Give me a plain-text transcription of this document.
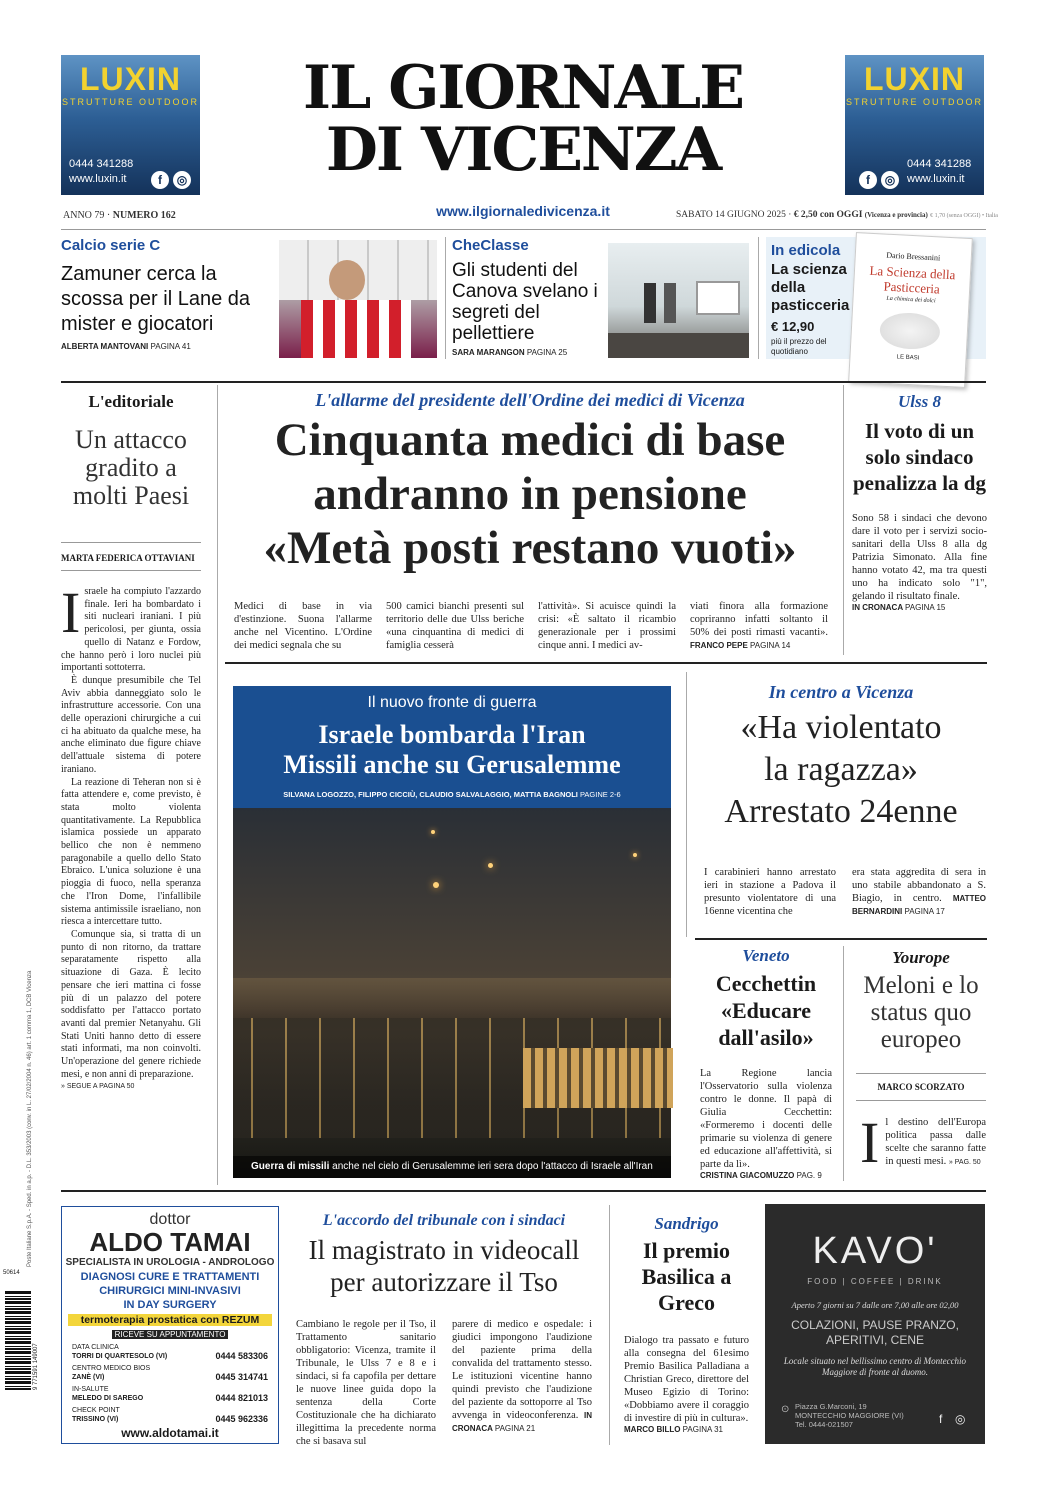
LUXIN
STRUTTURE OUTDOOR
0444 341288
www.luxin.it	f	◎
IL GIORNALE
DI VICENZA
LUXIN
STRUTTURE OUTDOOR
0444 341288
www.luxin.it
f	◎
ANNO 79 · NUMERO 162	www.ilgiornaledivicenza.it	SABATO 14 GIUGNO 2025 · € 2,50 con OGGI (Vicenza e provincia) € 1,70 (senza OGGI) • Italia
Calcio serie C
Zamuner cerca la scossa per il Lane da mister e giocatori
ALBERTA MANTOVANI PAGINA 41
CheClasse
Gli studenti del Canova svelano i segreti del pellettiere
SARA MARANGON PAGINA 25
In edicola
La scienza della pasticceria
€ 12,90
più il prezzo del quotidiano
Dario Bressanini
La Scienza della Pasticceria
La chimica dei dolci
LE BASI
L'editoriale
Un attacco gradito a molti Paesi
MARTA FEDERICA OTTAVIANI
I sraele ha compiuto l'azzardo finale. Ieri ha bombardato i siti nucleari iraniani. I più pericolosi, per giunta, ossia quello di Natanz e Fordow, che hanno però i loro nuclei più importanti sottoterra.
È dunque presumibile che Tel Aviv abbia danneggiato solo le infrastrutture accessorie. Con una delle operazioni chirurgiche a cui ci ha abituato da qualche mese, ha anche eliminato due figure chiave dell'attuale sistema di potere iraniano.
La reazione di Teheran non si è fatta attendere e, come previsto, è stata molto violenta quantitativamente. La Repubblica islamica possiede un apparato bellico che non è nemmeno paragonabile a quello dello Stato Ebraico. L'unica soluzione è una pioggia di fuoco, nella speranza che l'Iron Dome, l'infallibile sistema antimissile israeliano, non riesca a intercettare tutto.
Comunque sia, si tratta di un punto di non ritorno, da trattare separatamente rispetto alla situazione di Gaza. È lecito pensare che ieri mattina ci fosse più di un palazzo del potere soddisfatto per l'attacco portato avanti dal premier Netanyahu. Gli Stati Uniti hanno detto di essere stati informati, ma non coinvolti. Un'operazione del genere richiede mesi, e non anni di preparazione.
» SEGUE A PAGINA 50
L'allarme del presidente dell'Ordine dei medici di Vicenza
Cinquanta medici di base
andranno in pensione
«Metà posti restano vuoti»
Medici di base in via d'estinzione. Suona l'allarme anche nel Vicentino. L'Ordine dei medici segnala che su
500 camici bianchi presenti sul territorio delle due Ulss beriche «una cinquantina di medici di famiglia cesserà
l'attività». Si acuisce quindi la crisi: «È saltato il ricambio generazionale per i prossimi cinque anni. I medici av-
viati finora alla formazione copriranno infatti soltanto il 50% dei posti rimasti vacanti». FRANCO PEPE PAGINA 14
Ulss 8
Il voto di un solo sindaco penalizza la dg
Sono 58 i sindaci che devono dare il voto per i servizi socio-sanitari della Ulss 8 alla dg Patrizia Simonato. Alla fine hanno votato 42, ma tra questi uno ha indicato solo "1", gelando il risultato finale.
IN CRONACA PAGINA 15
Il nuovo fronte di guerra
Israele bombarda l'Iran
Missili anche su Gerusalemme
SILVANA LOGOZZO, FILIPPO CICCIÙ, CLAUDIO SALVALAGGIO, MATTIA BAGNOLI PAGINE 2-6
Guerra di missili anche nel cielo di Gerusalemme ieri sera dopo l'attacco di Israele all'Iran
In centro a Vicenza
«Ha violentato
la ragazza»
Arrestato 24enne
I carabinieri hanno arrestato ieri in stazione a Padova il presunto violentatore di una 16enne vicentina che
era stata aggredita di sera in uno stabile abbandonato a S. Biagio, in centro. MATTEO BERNARDINI PAGINA 17
Veneto
Cecchettin «Educare dall'asilo»
La Regione lancia l'Osservatorio sulla violenza contro le donne. Il papà di Giulia Cecchettin: «Formeremo i docenti delle primarie su violenza di genere ed educazione all'affettività, si parte da lì».
CRISTINA GIACOMUZZO PAG. 9
Yourope
Meloni e lo status quo europeo
MARCO SCORZATO
I l destino dell'Europa politica passa dalle scelte che saranno fatte in questi mesi. » PAG. 50
dottor
ALDO TAMAI
SPECIALISTA IN UROLOGIA - ANDROLOGO
DIAGNOSI CURE E TRATTAMENTI
CHIRURGICI MINI-INVASIVI
IN DAY SURGERY
termoterapia prostatica con REZUM
RICEVE SU APPUNTAMENTO
DATA CLINICA
TORRI DI QUARTESOLO (VI)	0444 583306
CENTRO MEDICO BIOS
ZANÈ (VI)	0445 314741
IN-SALUTE
MELEDO DI SAREGO	0444 821013
CHECK POINT
TRISSINO (VI)	0445 962336
www.aldotamai.it
L'accordo del tribunale con i sindaci
Il magistrato in videocall
per autorizzare il Tso
Cambiano le regole per il Tso, il Trattamento sanitario obbligatorio: Vicenza, tramite il Tribunale, le Ulss 7 e 8 e i sindaci, si fa capofila per dettare le nuove linee guida dopo la sentenza della Corte Costituzionale che ha dichiarato illegittima la precedente norma che si basava sul
parere di medico e ospedale: i giudici impongono l'audizione del paziente prima della convalida del trattamento stesso. Le istituzioni vicentine hanno quindi previsto che l'audizione del paziente da sottoporre al Tso avvenga in videoconferenza. IN CRONACA PAGINA 21
Sandrigo
Il premio Basilica a Greco
Dialogo tra passato e futuro alla consegna del 61esimo Premio Basilica Palladiana a Christian Greco, direttore del Museo Egizio di Torino: «Dobbiamo avere il coraggio di investire di più in cultura».
MARCO BILLO PAGINA 31
KAVO'
FOOD | COFFEE | DRINK
Aperto 7 giorni su 7 dalle ore 7,00 alle ore 02,00
COLAZIONI, PAUSE PRANZO, APERITIVI, CENE
Locale situato nel bellissimo centro di Montecchio Maggiore di fronte al duomo.
Piazza G.Marconi, 19
MONTECCHIO MAGGIORE (VI)
Tel. 0444-021507
⊙
f ◎
Poste Italiane S.p.A. - Sped. in a.p. - D.L. 353/2003 (conv. in L. 27/02/2004 n. 46) art. 1 comma 1, DCB Vicenza
50614
9 771591 149007
